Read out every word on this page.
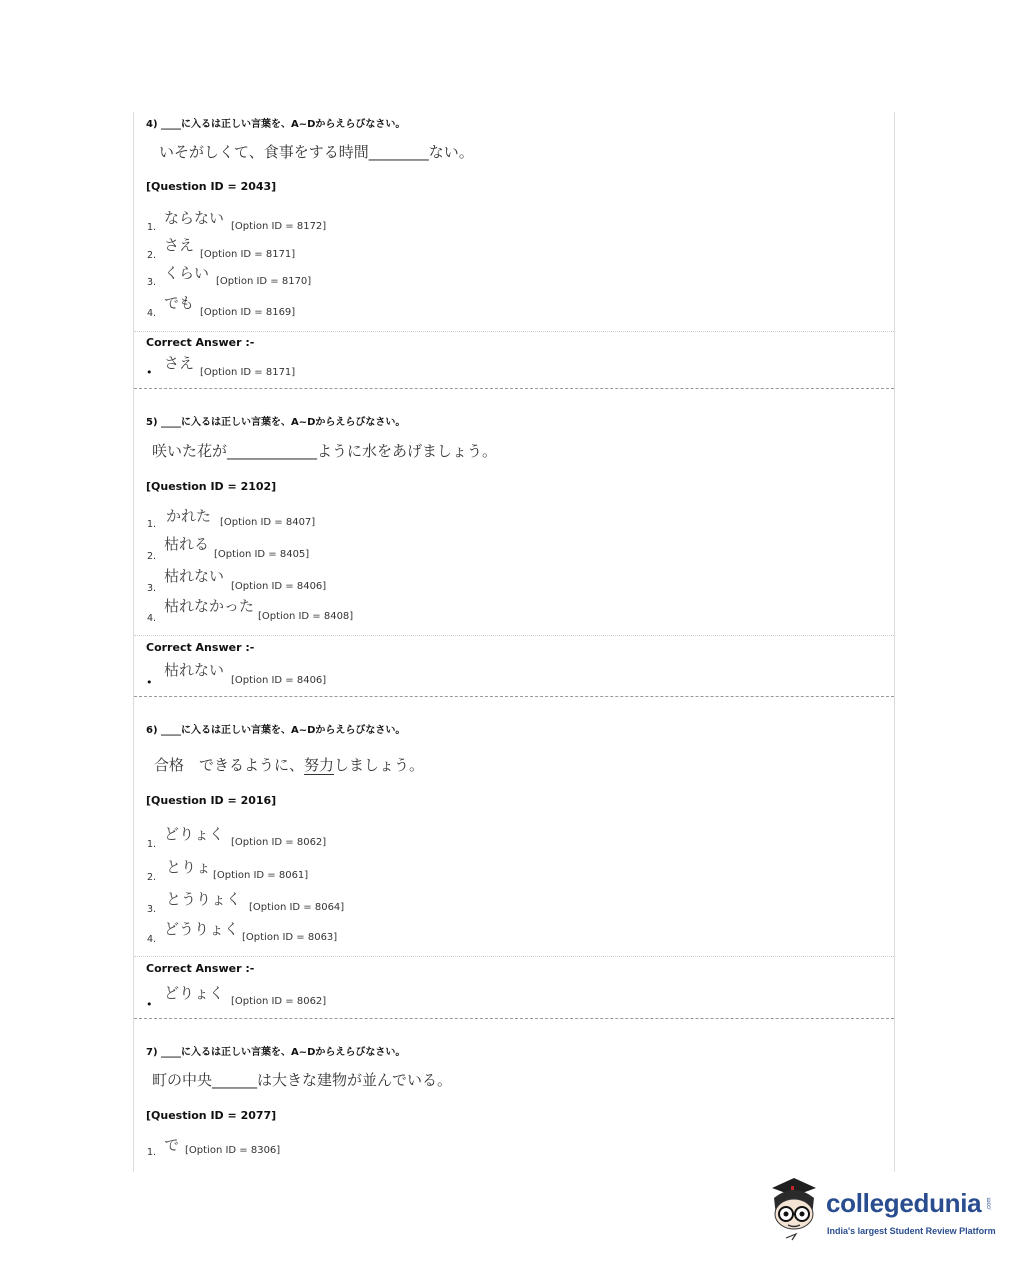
4) ____に入るは正しい言葉を、A~Dからえらびなさい。
いそがしくて、食事をする時間________ない。
[Question ID = 2043]
1.
ならない [Option ID = 8172]
2.
さえ
[Option ID = 8171]
3.
くらい [Option ID = 8170]
4.
でも
[Option ID = 8169]
Correct Answer :-
•
さえ
[Option ID = 8171]
5) ____に入るは正しい言葉を、A~Dからえらびなさい。
咲いた花が____________ように水をあげましょう。
[Question ID = 2102]
1. かれた [Option ID = 8407]
2.
枯れる
[Option ID = 8405]
3.
枯れない
[Option ID = 8406]
4.
枯れなかった
[Option ID = 8408]
Correct Answer :-
•
枯れない
[Option ID = 8406]
6) ____に入るは正しい言葉を、A~Dからえらびなさい。
合格　できるように、努力しましょう。
[Question ID = 2016]
1.
どりょく [Option ID = 8062]
2.
とりょ [Option ID = 8061]
3.
とうりょく [Option ID = 8064]
4.
どうりょく [Option ID = 8063]
Correct Answer :-
•
どりょく [Option ID = 8062]
7) ____に入るは正しい言葉を、A~Dからえらびなさい。
町の中央______は大きな建物が並んでいる。
[Question ID = 2077]
1. で [Option ID = 8306]
collegedunia .com
India's largest Student Review Platform
